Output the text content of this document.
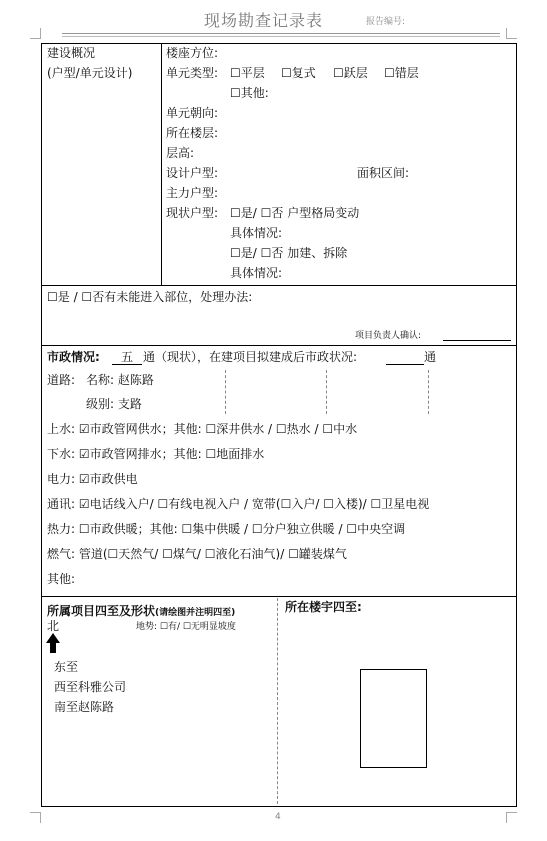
现场勘查记录表	报告编号:
建设概况
(户型/单元设计)
楼座方位:
单元类型: ☐平层 ☐复式 ☐跃层 ☐错层
☐其他:
单元朝向:
所在楼层:
层高:
设计户型:	面积区间:
主力户型:
现状户型: ☐是/ ☐否 户型格局变动
具体情况:
☐是/ ☐否 加建、拆除
具体情况:
☐是 / ☐否有未能进入部位，处理办法:
项目负责人确认:
市政情况:	五 通（现状），在建项目拟建成后市政状况:	通
道路: 名称: 赵陈路
级别: 支路
上水: ☑市政管网供水；其他: ☐深井供水 / ☐热水 / ☐中水
下水: ☑市政管网排水；其他: ☐地面排水
电力: ☑市政供电
通讯: ☑电话线入户/ ☐有线电视入户 / 宽带(☐入户/ ☐入楼)/ ☐卫星电视
热力: ☐市政供暖；其他: ☐集中供暖 / ☐分户独立供暖 / ☐中央空调
燃气: 管道(☐天然气/ ☐煤气/ ☐液化石油气)/ ☐罐装煤气
其他:
所属项目四至及形状(请绘图并注明四至)	所在楼宇四至:
北	地势: ☐有/ ☐无明显坡度
东至
西至科雅公司
南至赵陈路
4
